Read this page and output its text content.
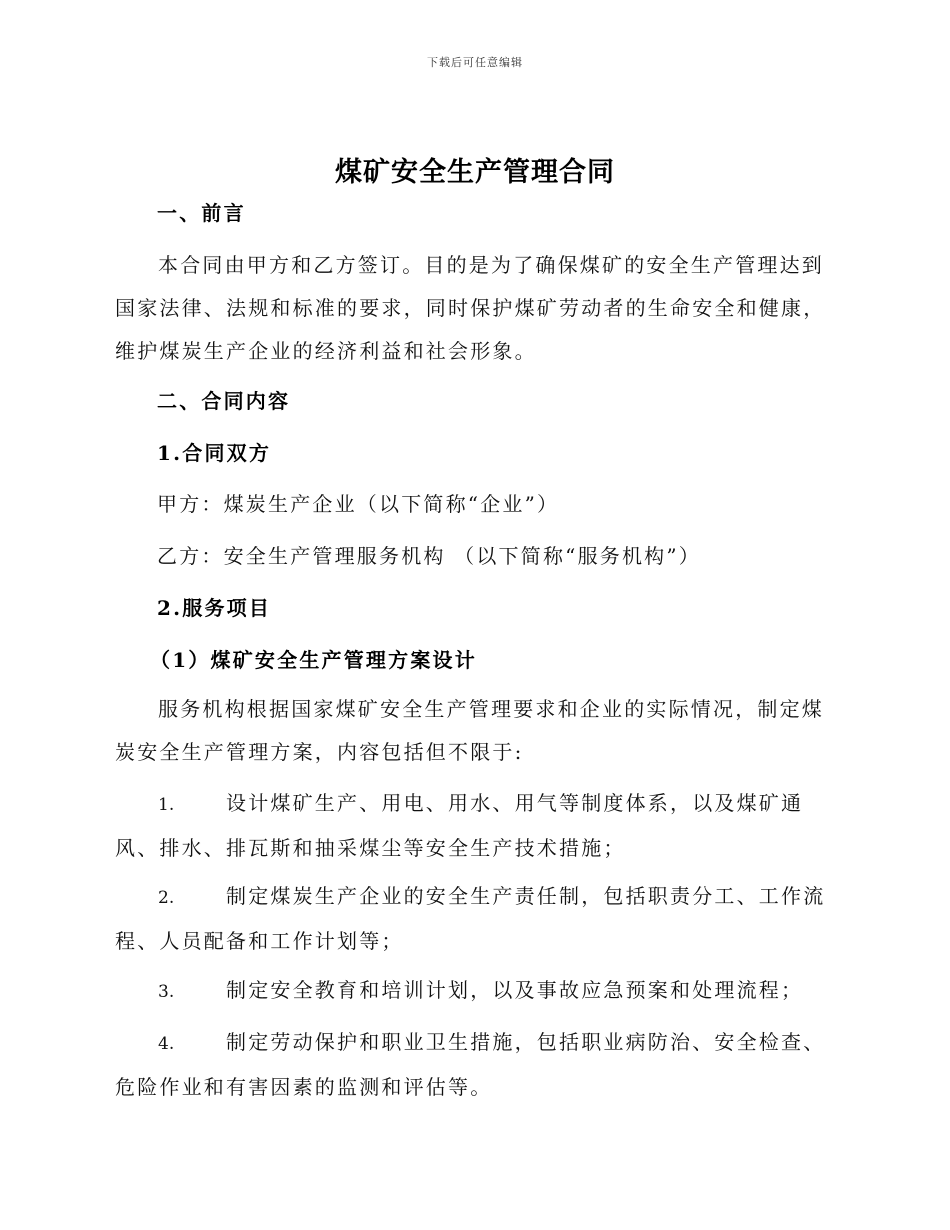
下载后可任意编辑
煤矿安全生产管理合同
一、前言

本合同由甲方和乙方签订。目的是为了确保煤矿的安全生产管理达到国家法律、法规和标准的要求，同时保护煤矿劳动者的生命安全和健康，维护煤炭生产企业的经济利益和社会形象。

二、合同内容
1.合同双方
甲方：煤炭生产企业（以下简称“企业”）
乙方：安全生产管理服务机构 （以下简称“服务机构”）
2.服务项目
（1）煤矿安全生产管理方案设计

服务机构根据国家煤矿安全生产管理要求和企业的实际情况，制定煤炭安全生产管理方案，内容包括但不限于:

1.	设计煤矿生产、用电、用水、用气等制度体系，以及煤矿通风、排水、排瓦斯和抽采煤尘等安全生产技术措施；

2.	制定煤炭生产企业的安全生产责任制，包括职责分工、工作流程、人员配备和工作计划等；

3.	制定安全教育和培训计划，以及事故应急预案和处理流程；

4.	制定劳动保护和职业卫生措施，包括职业病防治、安全检查、危险作业和有害因素的监测和评估等。
